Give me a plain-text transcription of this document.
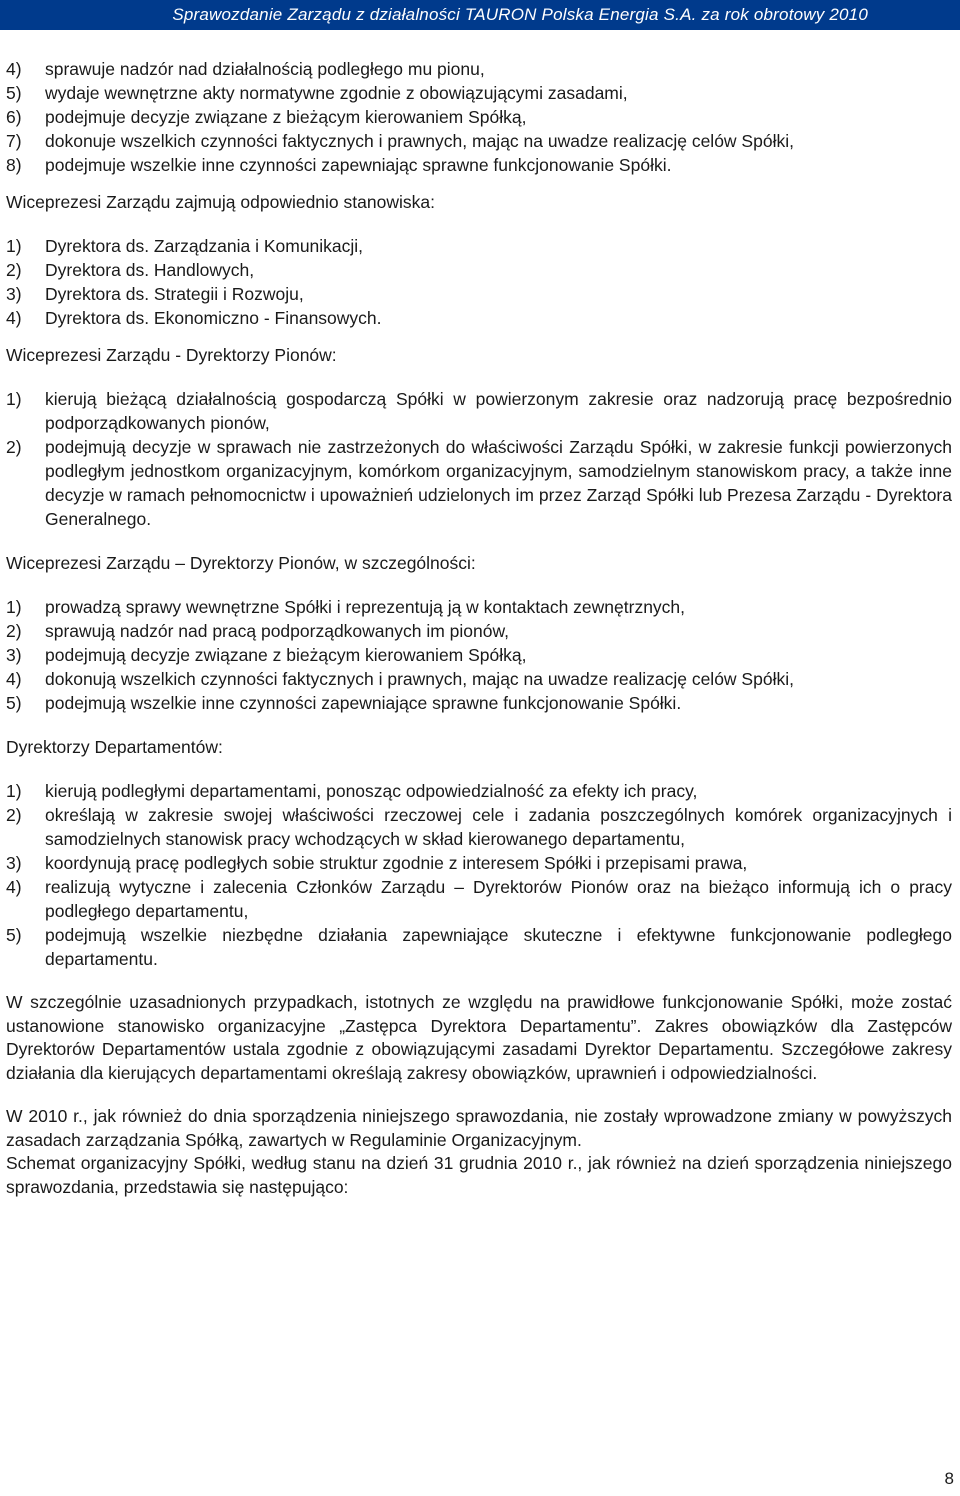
Sprawozdanie Zarządu z działalności TAURON Polska Energia S.A. za rok obrotowy 2010
4) sprawuje nadzór nad działalnością podległego mu pionu,
5) wydaje wewnętrzne akty normatywne zgodnie z obowiązującymi zasadami,
6) podejmuje decyzje związane z bieżącym kierowaniem Spółką,
7) dokonuje wszelkich czynności faktycznych i prawnych, mając na uwadze realizację celów Spółki,
8) podejmuje wszelkie inne czynności zapewniając sprawne funkcjonowanie Spółki.

Wiceprezesi Zarządu zajmują odpowiednio stanowiska:

1) Dyrektora ds. Zarządzania i Komunikacji,
2) Dyrektora ds. Handlowych,
3) Dyrektora ds. Strategii i Rozwoju,
4) Dyrektora ds. Ekonomiczno - Finansowych.

Wiceprezesi Zarządu - Dyrektorzy Pionów:

1) kierują bieżącą działalnością gospodarczą Spółki w powierzonym zakresie oraz nadzorują pracę bezpośrednio podporządkowanych pionów,
2) podejmują decyzje w sprawach nie zastrzeżonych do właściwości Zarządu Spółki, w zakresie funkcji powierzonych podległym jednostkom organizacyjnym, komórkom organizacyjnym, samodzielnym stanowiskom pracy, a także inne decyzje w ramach pełnomocnictw i upoważnień udzielonych im przez Zarząd Spółki lub Prezesa Zarządu - Dyrektora Generalnego.

Wiceprezesi Zarządu – Dyrektorzy Pionów, w szczególności:

1) prowadzą sprawy wewnętrzne Spółki i reprezentują ją w kontaktach zewnętrznych,
2) sprawują nadzór nad pracą podporządkowanych im pionów,
3) podejmują decyzje związane z bieżącym kierowaniem Spółką,
4) dokonują wszelkich czynności faktycznych i prawnych, mając na uwadze realizację celów Spółki,
5) podejmują wszelkie inne czynności zapewniające sprawne funkcjonowanie Spółki.

Dyrektorzy Departamentów:

1) kierują podległymi departamentami, ponosząc odpowiedzialność za efekty ich pracy,
2) określają w zakresie swojej właściwości rzeczowej cele i zadania poszczególnych komórek organizacyjnych i samodzielnych stanowisk pracy wchodzących w skład kierowanego departamentu,
3) koordynują pracę podległych sobie struktur zgodnie z interesem Spółki i przepisami prawa,
4) realizują wytyczne i zalecenia Członków Zarządu – Dyrektorów Pionów oraz na bieżąco informują ich o pracy podległego departamentu,
5) podejmują wszelkie niezbędne działania zapewniające skuteczne i efektywne funkcjonowanie podległego departamentu.

W szczególnie uzasadnionych przypadkach, istotnych ze względu na prawidłowe funkcjonowanie Spółki, może zostać ustanowione stanowisko organizacyjne „Zastępca Dyrektora Departamentu”. Zakres obowiązków dla Zastępców Dyrektorów Departamentów ustala zgodnie z obowiązującymi zasadami Dyrektor Departamentu. Szczegółowe zakresy działania dla kierujących departamentami określają zakresy obowiązków, uprawnień i odpowiedzialności.

W 2010 r., jak również do dnia sporządzenia niniejszego sprawozdania, nie zostały wprowadzone zmiany w powyższych zasadach zarządzania Spółką, zawartych w Regulaminie Organizacyjnym.

Schemat organizacyjny Spółki, według stanu na dzień 31 grudnia 2010 r., jak również na dzień sporządzenia niniejszego sprawozdania, przedstawia się następująco:

8
